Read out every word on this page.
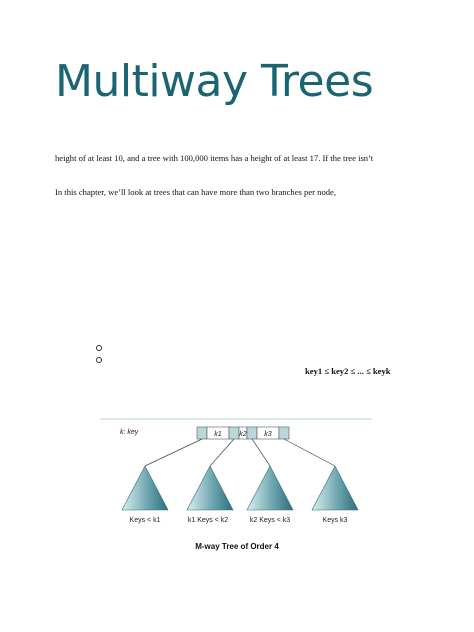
Multiway Trees

height of at least 10, and a tree with 100,000 items has a height of at least 17. If the tree isn’t

In this chapter, we’ll look at trees that can have more than two branches per node,

key1 ≤ key2 ≤ ... ≤ keyk
k: key	k1	k2	k3
Keys < k1	k1 Keys < k2	k2 Keys < k3	Keys k3
M-way Tree of Order 4
